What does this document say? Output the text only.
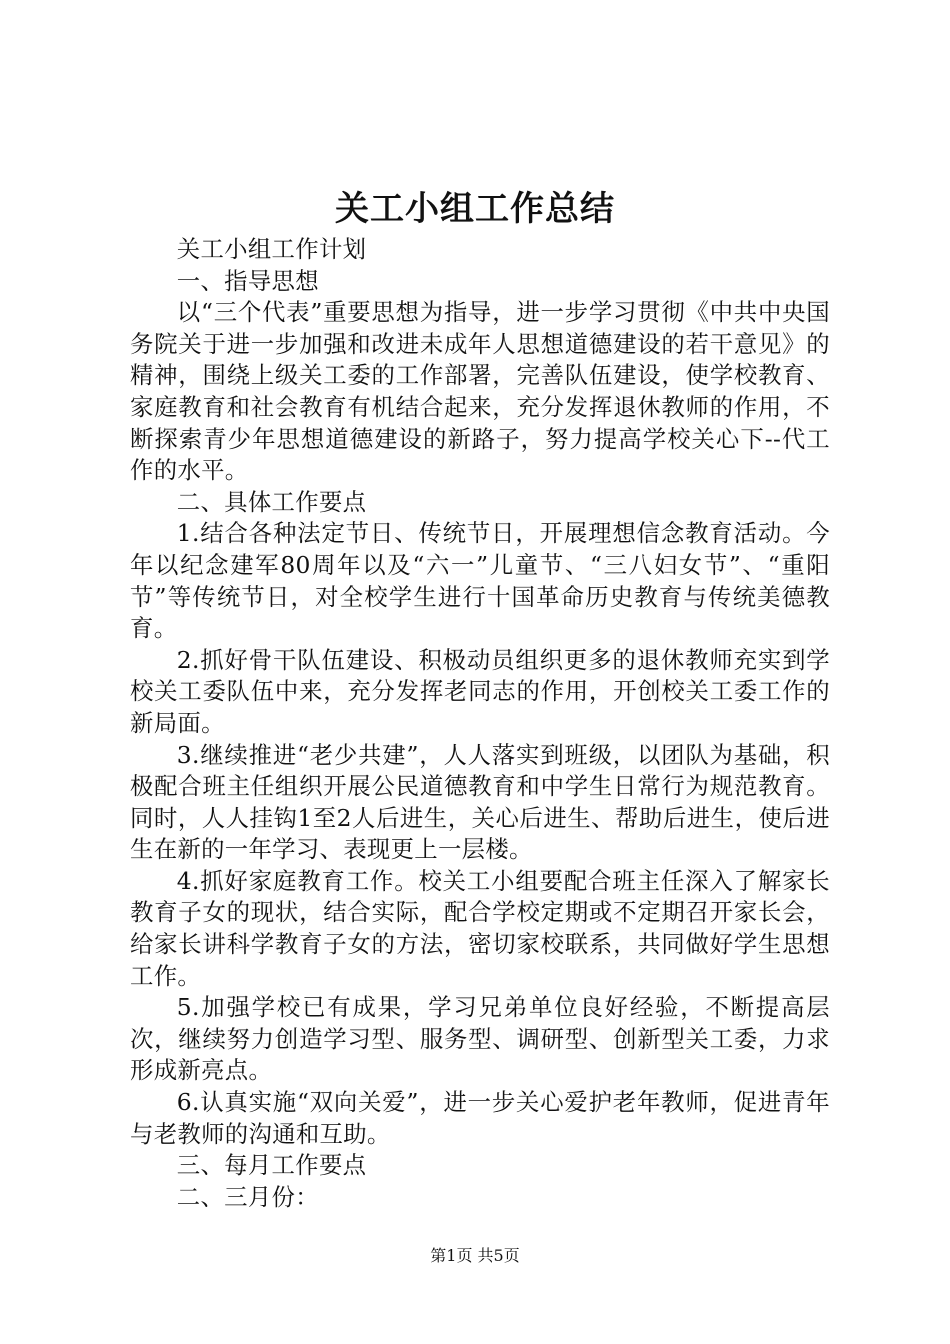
关工小组工作总结

关工小组工作计划

一、指导思想

以“三个代表”重要思想为指导，进一步学习贯彻《中共中央国务院关于进一步加强和改进未成年人思想道德建设的若干意见》的精神，围绕上级关工委的工作部署，完善队伍建设，使学校教育、家庭教育和社会教育有机结合起来，充分发挥退休教师的作用，不断探索青少年思想道德建设的新路子，努力提高学校关心下--代工作的水平。

二、具体工作要点

1.结合各种法定节日、传统节日，开展理想信念教育活动。今年以纪念建军80周年以及“六一”儿童节、“三八妇女节”、“重阳节”等传统节日，对全校学生进行十国革命历史教育与传统美德教育。

2.抓好骨干队伍建设、积极动员组织更多的退休教师充实到学校关工委队伍中来，充分发挥老同志的作用，开创校关工委工作的新局面。

3.继续推进“老少共建”，人人落实到班级，以团队为基础，积极配合班主任组织开展公民道德教育和中学生日常行为规范教育。同时，人人挂钩1至2人后进生，关心后进生、帮助后进生，使后进生在新的一年学习、表现更上一层楼。

4.抓好家庭教育工作。校关工小组要配合班主任深入了解家长教育子女的现状，结合实际，配合学校定期或不定期召开家长会，给家长讲科学教育子女的方法，密切家校联系，共同做好学生思想工作。

5.加强学校已有成果，学习兄弟单位良好经验，不断提高层次，继续努力创造学习型、服务型、调研型、创新型关工委，力求形成新亮点。

6.认真实施“双向关爱”，进一步关心爱护老年教师，促进青年与老教师的沟通和互助。

三、每月工作要点

二、三月份：

第1页 共5页
